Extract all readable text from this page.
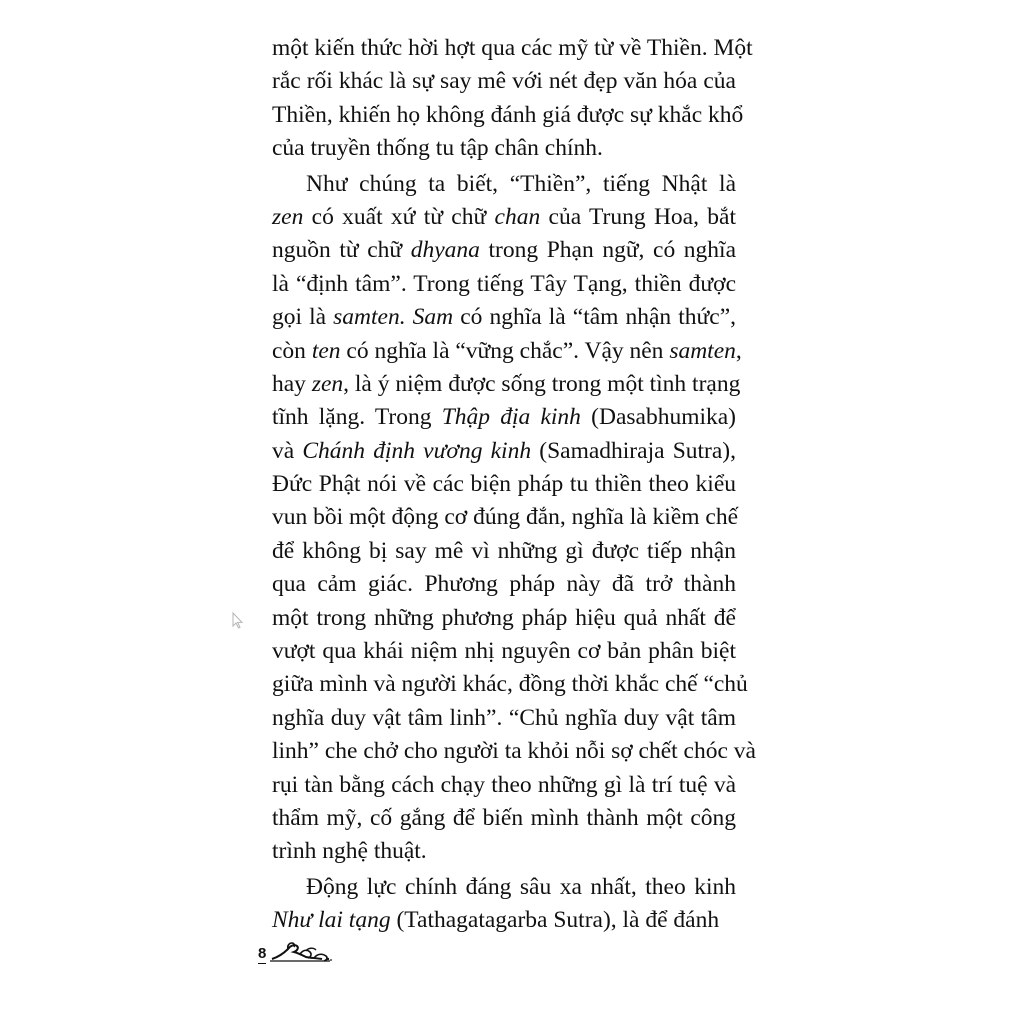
một kiến thức hời hợt qua các mỹ từ về Thiền. Một
rắc rối khác là sự say mê với nét đẹp văn hóa của
Thiền, khiến họ không đánh giá được sự khắc khổ
của truyền thống tu tập chân chính.
Như chúng ta biết, “Thiền”, tiếng Nhật là
zen có xuất xứ từ chữ chan của Trung Hoa, bắt
nguồn từ chữ dhyana trong Phạn ngữ, có nghĩa
là “định tâm”. Trong tiếng Tây Tạng, thiền được
gọi là samten. Sam có nghĩa là “tâm nhận thức”,
còn ten có nghĩa là “vững chắc”. Vậy nên samten,
hay zen, là ý niệm được sống trong một tình trạng
tĩnh lặng. Trong Thập địa kinh (Dasabhumika)
và Chánh định vương kinh (Samadhiraja Sutra),
Đức Phật nói về các biện pháp tu thiền theo kiểu
vun bồi một động cơ đúng đắn, nghĩa là kiềm chế
để không bị say mê vì những gì được tiếp nhận
qua cảm giác. Phương pháp này đã trở thành
một trong những phương pháp hiệu quả nhất để
vượt qua khái niệm nhị nguyên cơ bản phân biệt
giữa mình và người khác, đồng thời khắc chế “chủ
nghĩa duy vật tâm linh”. “Chủ nghĩa duy vật tâm
linh” che chở cho người ta khỏi nỗi sợ chết chóc và
rụi tàn bằng cách chạy theo những gì là trí tuệ và
thẩm mỹ, cố gắng để biến mình thành một công
trình nghệ thuật.
Động lực chính đáng sâu xa nhất, theo kinh
Như lai tạng (Tathagatagarba Sutra), là để đánh
8
